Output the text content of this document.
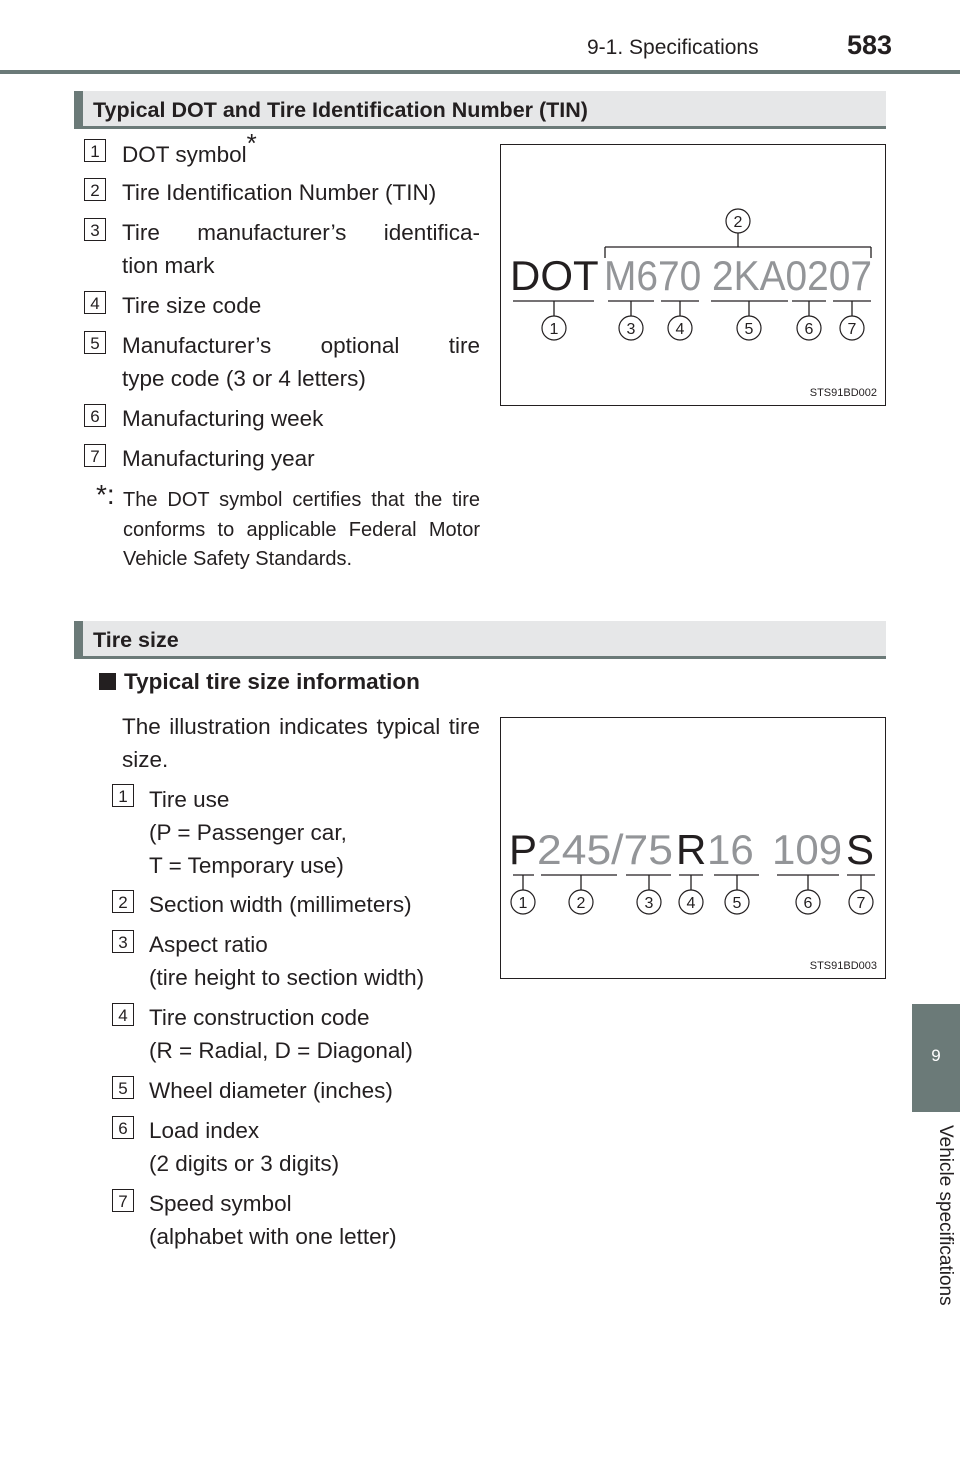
9-1. Specifications	583
9
Vehicle specifications
Typical DOT and Tire Identification Number (TIN)
1 DOT symbol*
2 Tire Identification Number (TIN)
3 Tire manufacturer’s identifica-
tion mark
4 Tire size code
5 Manufacturer’s optional tire
type code (3 or 4 letters)
6 Manufacturing week
7 Manufacturing year
*: The DOT symbol certifies that the tire conforms to applicable Federal Motor Vehicle Safety Standards.
2
DOT M670 2KA0207
1	3	4	5	6 7
STS91BD002
Tire size
Typical tire size information
The illustration indicates typical tire size.
1 Tire use
(P = Passenger car,
T = Temporary use)
2 Section width (millimeters)
3 Aspect ratio
(tire height to section width)
4 Tire construction code
(R = Radial, D = Diagonal)
5 Wheel diameter (inches)
6 Load index
(2 digits or 3 digits)
7 Speed symbol
(alphabet with one letter)
P 245/75 R 16 109 S
1	2	3 4 5	6	7
STS91BD003
